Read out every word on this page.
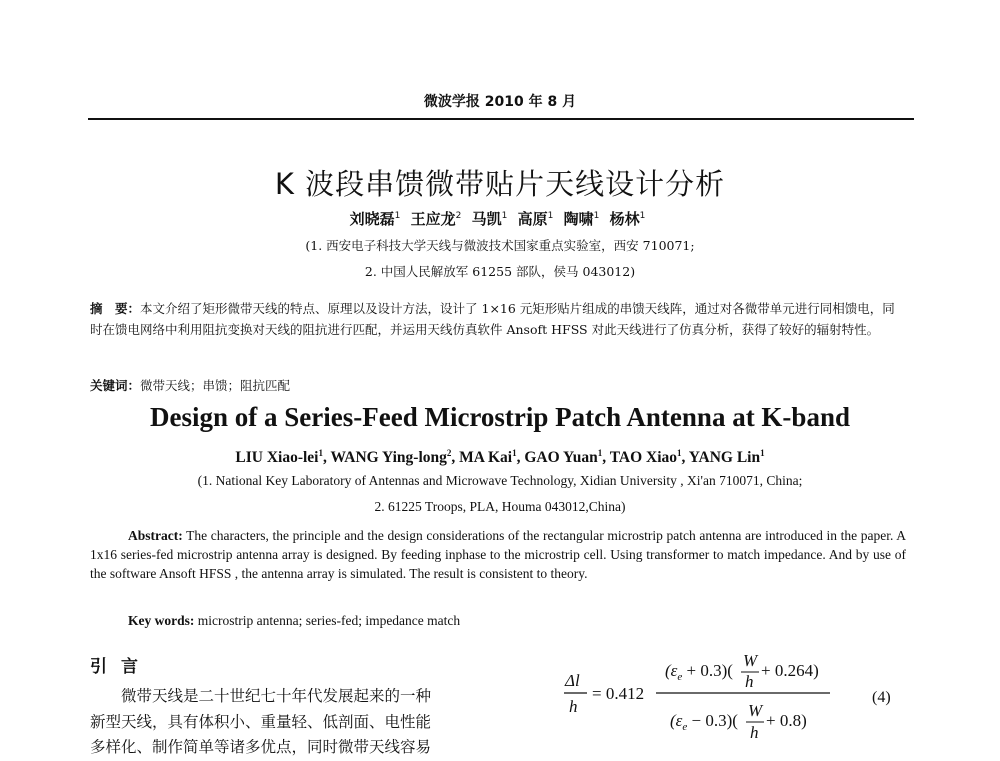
微波学报 2010 年 8 月
K 波段串馈微带贴片天线设计分析
刘晓磊$^1$ 王应龙$^2$ 马凯$^1$ 高原$^1$ 陶啸$^1$ 杨林$^1$
(1. 西安电子科技大学天线与微波技术国家重点实验室，西安 710071;
2. 中国人民解放军 61255 部队，侯马 043012)
摘　要：本文介绍了矩形微带天线的特点、原理以及设计方法，设计了 1×16 元矩形贴片组成的串馈天线阵，通过对各微带单元进行同相馈电，同时在馈电网络中利用阻抗变换对天线的阻抗进行匹配，并运用天线仿真软件 Ansoft HFSS 对此天线进行了仿真分析，获得了较好的辐射特性。
关键词：微带天线；串馈；阻抗匹配
Design of a Series-Feed Microstrip Patch Antenna at K-band
LIU Xiao-lei$^1$, WANG Ying-long$^2$, MA Kai$^1$, GAO Yuan$^1$, TAO Xiao$^1$, YANG Lin$^1$
(1. National Key Laboratory of Antennas and Microwave Technology, Xidian University , Xi'an 710071, China;
2. 61225 Troops, PLA, Houma 043012,China)
Abstract: The characters, the principle and the design considerations of the rectangular microstrip patch antenna are introduced in the paper. A 1x16 series-fed microstrip antenna array is designed. By feeding inphase to the microstrip cell. Using transformer to match impedance. And by use of the software Ansoft HFSS , the antenna array is simulated. The result is consistent to theory.
Key words: microstrip antenna; series-fed; impedance match
引言
微带天线是二十世纪七十年代发展起来的一种
新型天线，具有体积小、重量轻、低剖面、电性能
多样化、制作简单等诸多优点，同时微带天线容易
Δl
h
= 0.412
$(\varepsilon_e + 0.3)$(
W
h
+ 0.264)
$(\varepsilon_e - 0.3)$(
W
h
+ 0.8)
(4)
